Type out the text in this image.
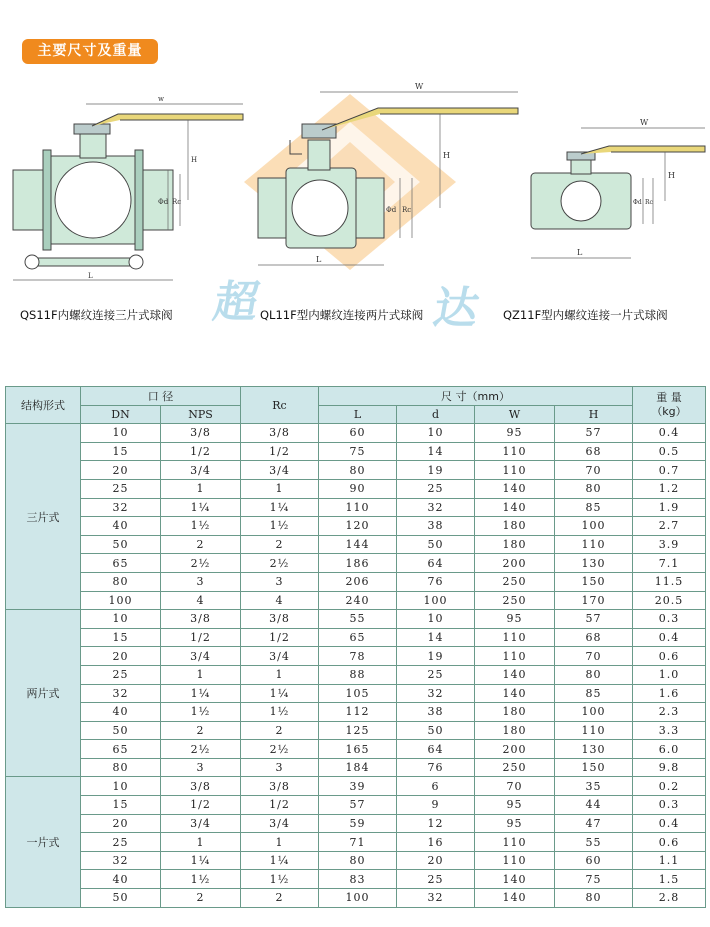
主要尺寸及重量
w
H
L
Φd Rc
W
H
L
Φd Rc
W
H
L
Φd Rc
超	达
QS11F内螺纹连接三片式球阀	QL11F型内螺纹连接两片式球阀	QZ11F型内螺纹连接一片式球阀
结构形式	口 径		Rc	尺 寸（mm）				重 量
（kg）
	DN	NPS		L	d	W	H	
三片式	10	3/8	3/8	60	10	95	57	0.4
	15	1/2	1/2	75	14	110	68	0.5
	20	3/4	3/4	80	19	110	70	0.7
	25	1	1	90	25	140	80	1.2
	32	1¼	1¼	110	32	140	85	1.9
	40	1½	1½	120	38	180	100	2.7
	50	2	2	144	50	180	110	3.9
	65	2½	2½	186	64	200	130	7.1
	80	3	3	206	76	250	150	11.5
	100	4	4	240	100	250	170	20.5
两片式	10	3/8	3/8	55	10	95	57	0.3
	15	1/2	1/2	65	14	110	68	0.4
	20	3/4	3/4	78	19	110	70	0.6
	25	1	1	88	25	140	80	1.0
	32	1¼	1¼	105	32	140	85	1.6
	40	1½	1½	112	38	180	100	2.3
	50	2	2	125	50	180	110	3.3
	65	2½	2½	165	64	200	130	6.0
	80	3	3	184	76	250	150	9.8
一片式	10	3/8	3/8	39	6	70	35	0.2
	15	1/2	1/2	57	9	95	44	0.3
	20	3/4	3/4	59	12	95	47	0.4
	25	1	1	71	16	110	55	0.6
	32	1¼	1¼	80	20	110	60	1.1
	40	1½	1½	83	25	140	75	1.5
	50	2	2	100	32	140	80	2.8
